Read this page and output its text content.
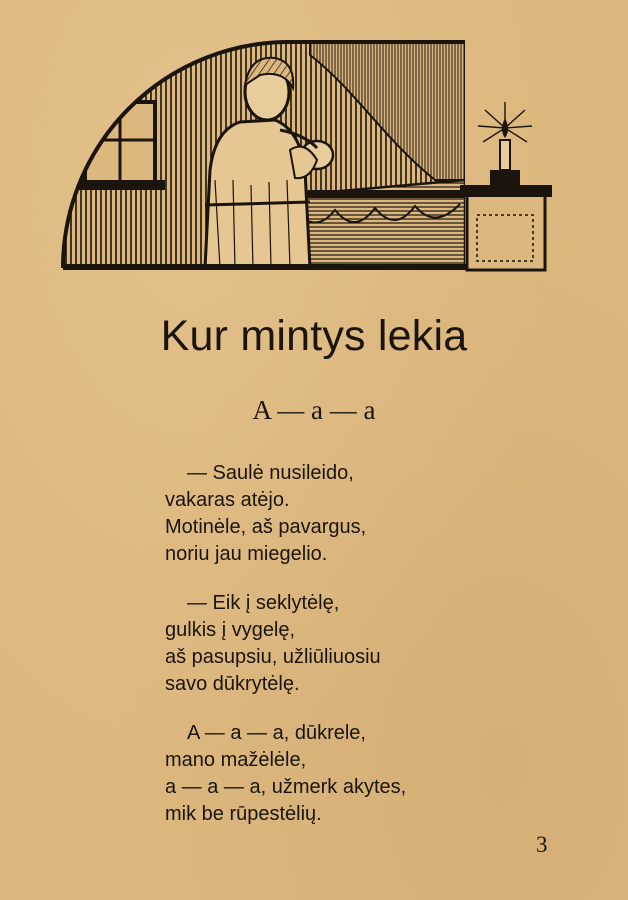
Kur mintys lekia
A — a — a
— Saulė nusileido,
vakaras atėjo.
Motinėle, aš pavargus,
noriu jau miegelio.
— Eik į seklytėlę,
gulkis į vygelę,
aš pasupsiu, užliūliuosiu
savo dūkrytėlę.
A — a — a, dūkrele,
mano mažėlėle,
a — a — a, užmerk akytes,
mik be rūpestėlių.
3
